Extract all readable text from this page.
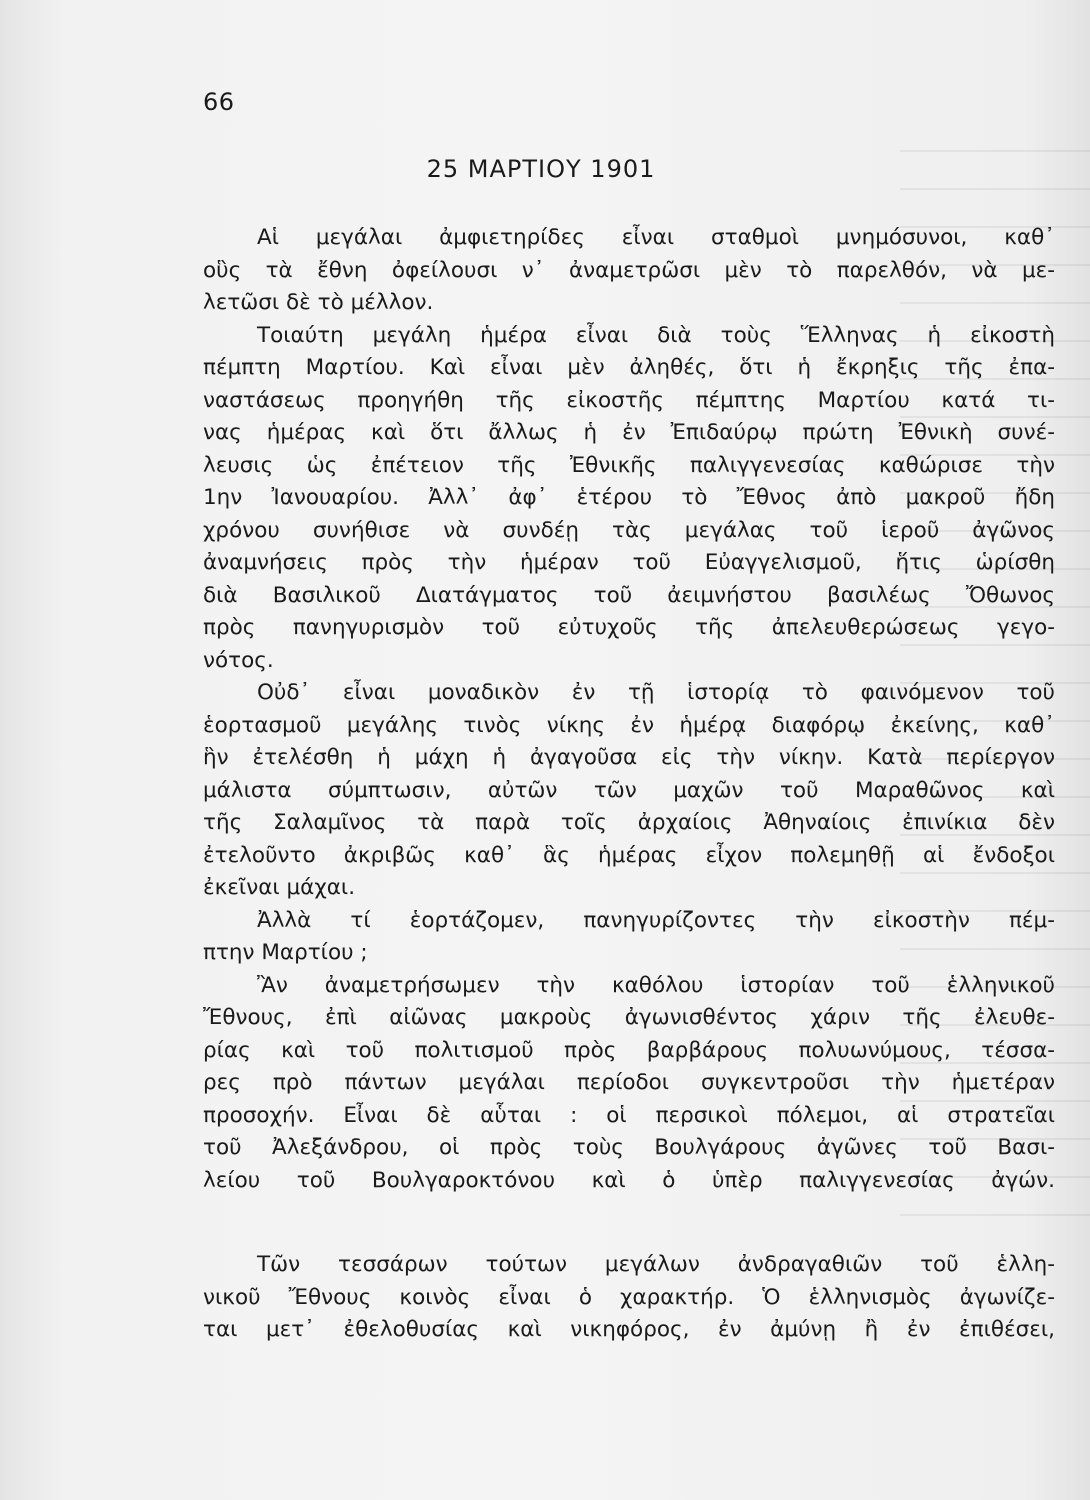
66
25 ΜΑΡΤΙΟΥ 1901
Αἱ μεγάλαι ἀμφιετηρίδες εἶναι σταθμοὶ μνημόσυνοι, καθ᾿
οὓς τὰ ἔθνη ὀφείλουσι ν᾿ ἀναμετρῶσι μὲν τὸ παρελθόν, νὰ με-
λετῶσι δὲ τὸ μέλλον.
Τοιαύτη μεγάλη ἡμέρα εἶναι διὰ τοὺς Ἕλληνας ἡ εἰκοστὴ
πέμπτη Μαρτίου. Καὶ εἶναι μὲν ἀληθές, ὅτι ἡ ἔκρηξις τῆς ἐπα-
ναστάσεως προηγήθη τῆς εἰκοστῆς πέμπτης Μαρτίου κατά τι-
νας ἡμέρας καὶ ὅτι ἄλλως ἡ ἐν Ἐπιδαύρῳ πρώτη Ἐθνικὴ συνέ-
λευσις ὡς ἐπέτειον τῆς Ἐθνικῆς παλιγγενεσίας καθώρισε τὴν
1ην Ἰανουαρίου. Ἀλλ᾿ ἀφ᾿ ἑτέρου τὸ Ἔθνος ἀπὸ μακροῦ ἤδη
χρόνου συνήθισε νὰ συνδέῃ τὰς μεγάλας τοῦ ἱεροῦ ἀγῶνος
ἀναμνήσεις πρὸς τὴν ἡμέραν τοῦ Εὐαγγελισμοῦ, ἥτις ὡρίσθη
διὰ Βασιλικοῦ Διατάγματος τοῦ ἀειμνήστου βασιλέως Ὄθωνος
πρὸς πανηγυρισμὸν τοῦ εὐτυχοῦς τῆς ἀπελευθερώσεως γεγο-
νότος.
Οὐδ᾿ εἶναι μοναδικὸν ἐν τῇ ἱστορίᾳ τὸ φαινόμενον τοῦ
ἑορτασμοῦ μεγάλης τινὸς νίκης ἐν ἡμέρᾳ διαφόρῳ ἐκείνης, καθ᾿
ἣν ἐτελέσθη ἡ μάχη ἡ ἀγαγοῦσα εἰς τὴν νίκην. Κατὰ περίεργον
μάλιστα σύμπτωσιν, αὐτῶν τῶν μαχῶν τοῦ Μαραθῶνος καὶ
τῆς Σαλαμῖνος τὰ παρὰ τοῖς ἀρχαίοις Ἀθηναίοις ἐπινίκια δὲν
ἐτελοῦντο ἀκριβῶς καθ᾿ ἃς ἡμέρας εἶχον πολεμηθῇ αἱ ἔνδοξοι
ἐκεῖναι μάχαι.
Ἀλλὰ τί ἑορτάζομεν, πανηγυρίζοντες τὴν εἰκοστὴν πέμ-
πτην Μαρτίου ;
Ἂν ἀναμετρήσωμεν τὴν καθόλου ἱστορίαν τοῦ ἑλληνικοῦ
Ἔθνους, ἐπὶ αἰῶνας μακροὺς ἀγωνισθέντος χάριν τῆς ἐλευθε-
ρίας καὶ τοῦ πολιτισμοῦ πρὸς βαρβάρους πολυωνύμους, τέσσα-
ρες πρὸ πάντων μεγάλαι περίοδοι συγκεντροῦσι τὴν ἡμετέραν
προσοχήν. Εἶναι δὲ αὗται : οἱ περσικοὶ πόλεμοι, αἱ στρατεῖαι
τοῦ Ἀλεξάνδρου, οἱ πρὸς τοὺς Βουλγάρους ἀγῶνες τοῦ Βασι-
λείου τοῦ Βουλγαροκτόνου καὶ ὁ ὑπὲρ παλιγγενεσίας ἀγών.
Τῶν τεσσάρων τούτων μεγάλων ἀνδραγαθιῶν τοῦ ἑλλη-
νικοῦ Ἔθνους κοινὸς εἶναι ὁ χαρακτήρ. Ὁ ἑλληνισμὸς ἀγωνίζε-
ται μετ᾿ ἐθελοθυσίας καὶ νικηφόρος, ἐν ἀμύνῃ ἢ ἐν ἐπιθέσει,
